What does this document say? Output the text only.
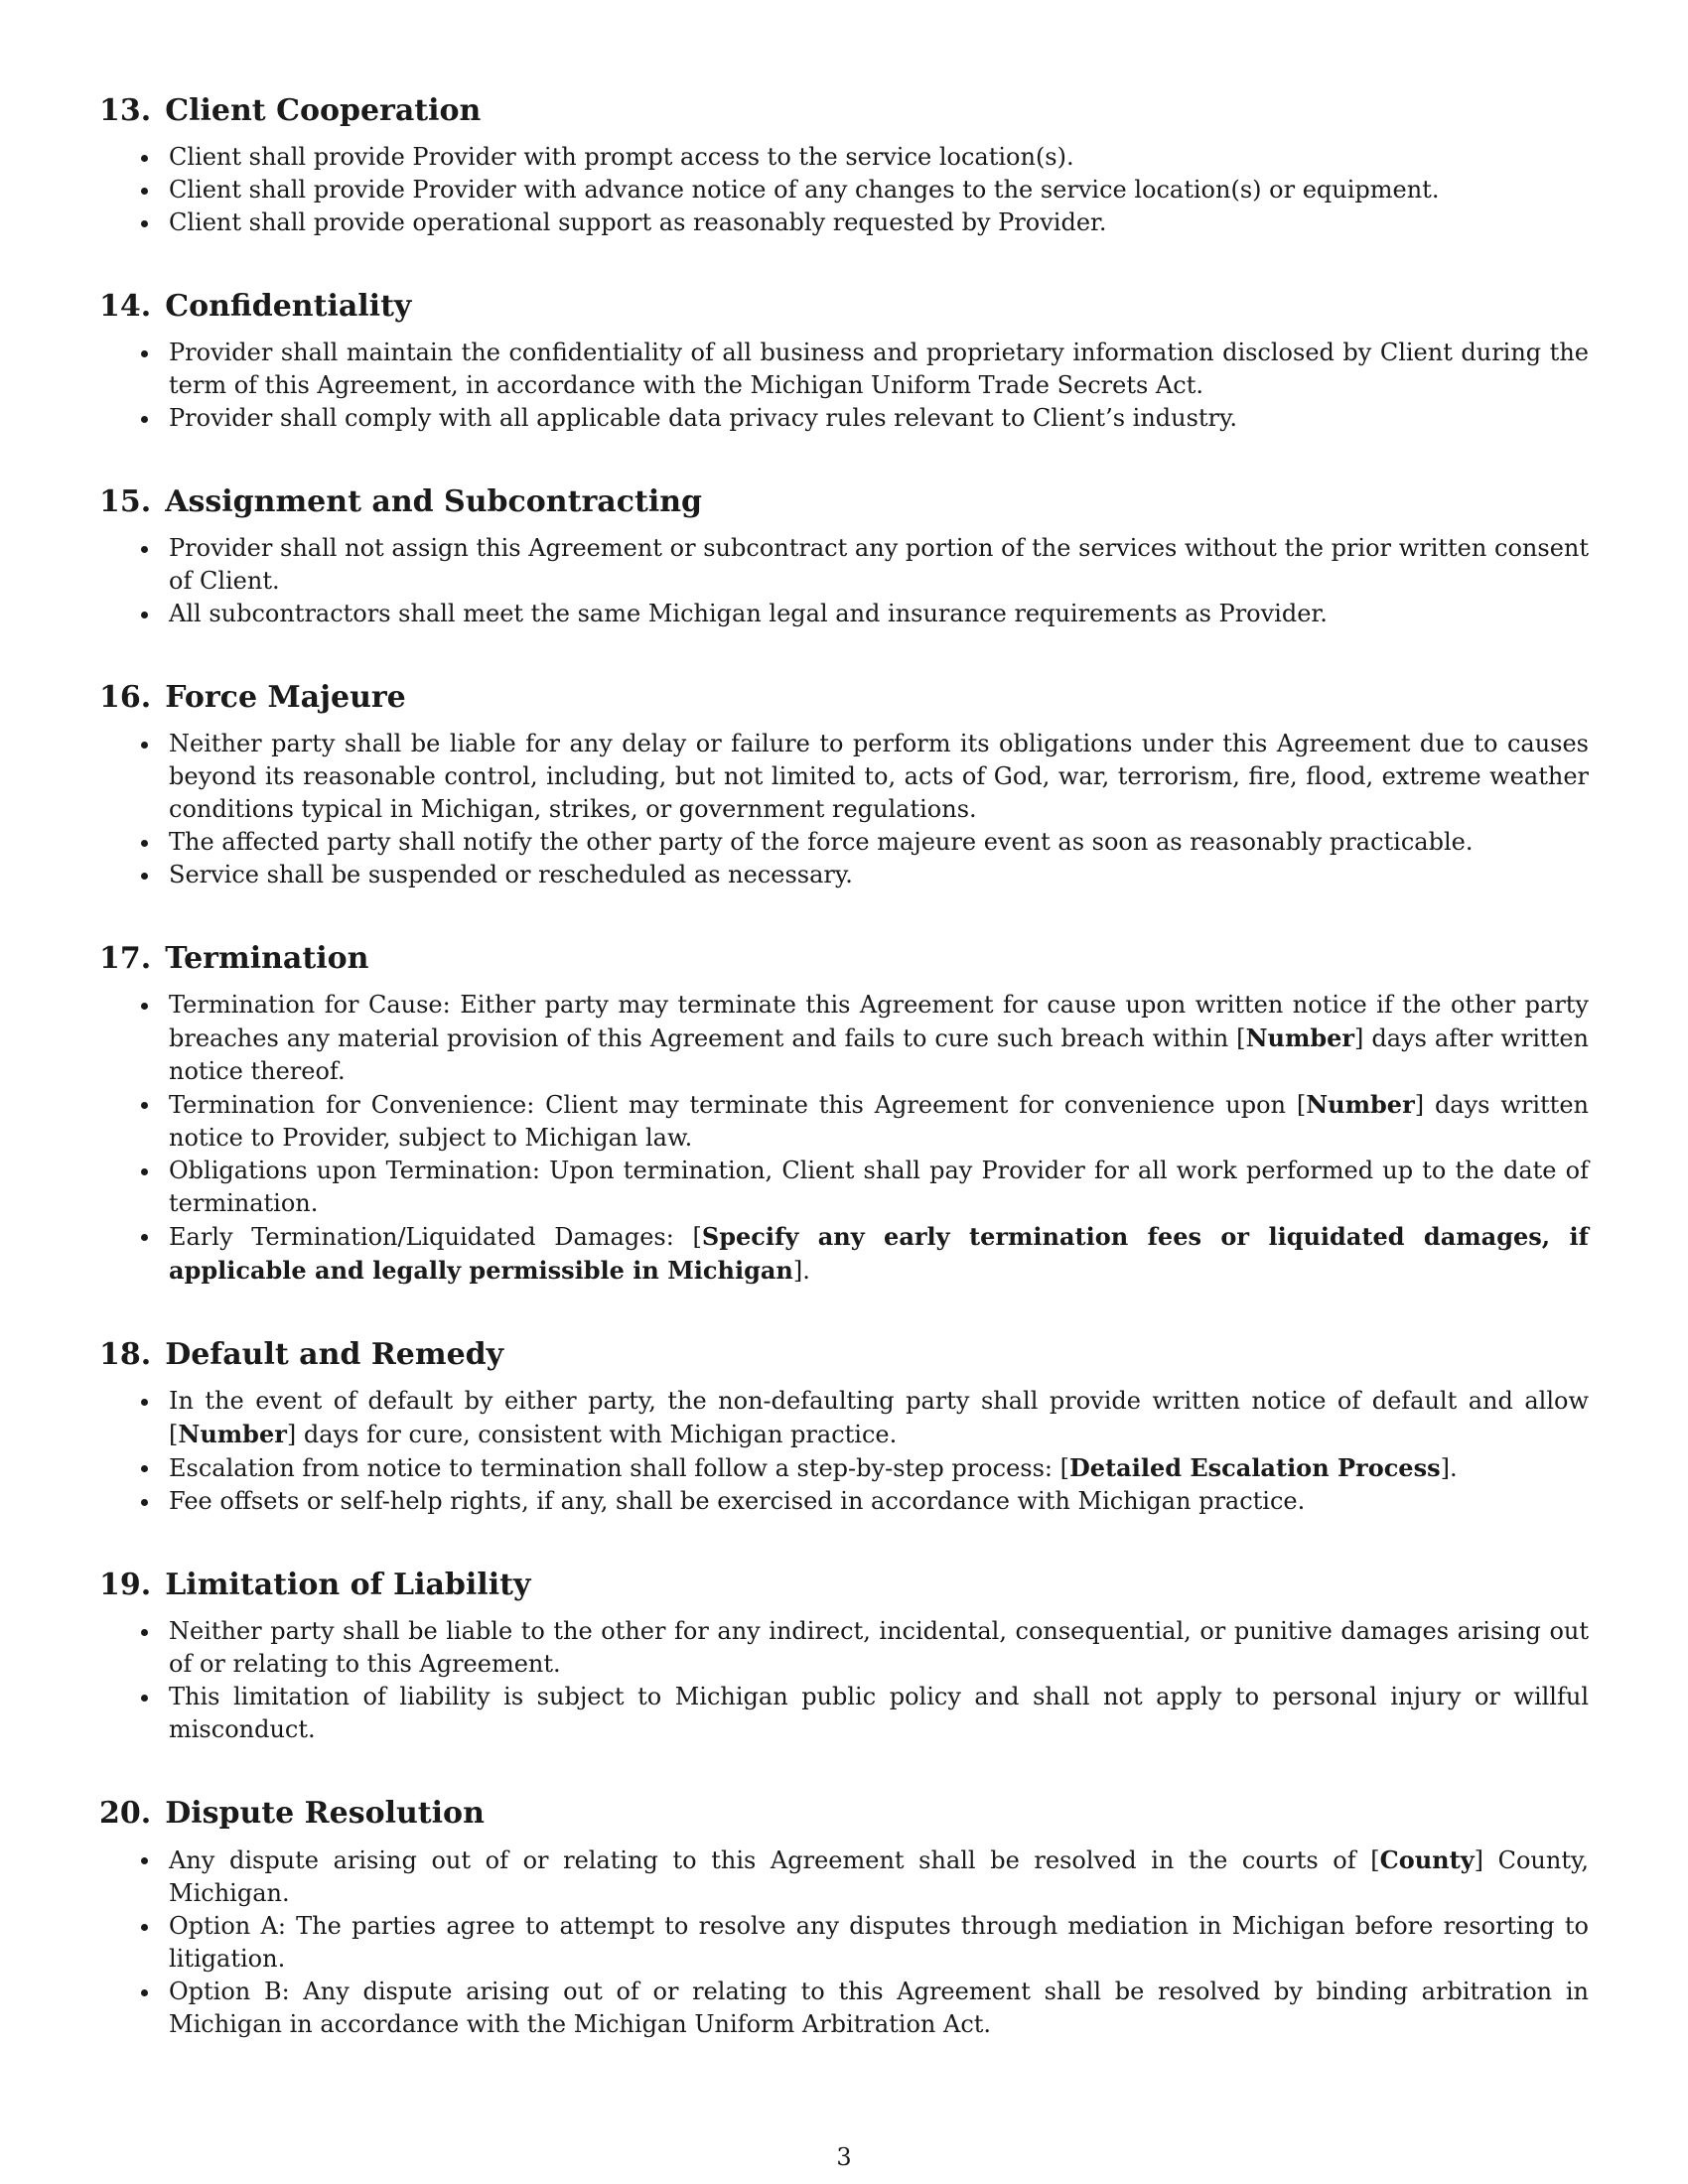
13. Client Cooperation
Client shall provide Provider with prompt access to the service location(s).
Client shall provide Provider with advance notice of any changes to the service location(s) or equipment.
Client shall provide operational support as reasonably requested by Provider.
14. Confidentiality
Provider shall maintain the confidentiality of all business and proprietary information disclosed by Client during the term of this Agreement, in accordance with the Michigan Uniform Trade Secrets Act.
Provider shall comply with all applicable data privacy rules relevant to Client’s industry.
15. Assignment and Subcontracting
Provider shall not assign this Agreement or subcontract any portion of the services without the prior written consent of Client.
All subcontractors shall meet the same Michigan legal and insurance requirements as Provider.
16. Force Majeure
Neither party shall be liable for any delay or failure to perform its obligations under this Agreement due to causes beyond its reasonable control, including, but not limited to, acts of God, war, terrorism, fire, flood, extreme weather conditions typical in Michigan, strikes, or government regulations.
The affected party shall notify the other party of the force majeure event as soon as reasonably practicable.
Service shall be suspended or rescheduled as necessary.
17. Termination
Termination for Cause: Either party may terminate this Agreement for cause upon written notice if the other party breaches any material provision of this Agreement and fails to cure such breach within [Number] days after written notice thereof.
Termination for Convenience: Client may terminate this Agreement for convenience upon [Number] days written notice to Provider, subject to Michigan law.
Obligations upon Termination: Upon termination, Client shall pay Provider for all work performed up to the date of termination.
Early Termination/Liquidated Damages: [Specify any early termination fees or liquidated damages, if applicable and legally permissible in Michigan].
18. Default and Remedy
In the event of default by either party, the non-defaulting party shall provide written notice of default and allow [Number] days for cure, consistent with Michigan practice.
Escalation from notice to termination shall follow a step-by-step process: [Detailed Escalation Process].
Fee offsets or self-help rights, if any, shall be exercised in accordance with Michigan practice.
19. Limitation of Liability
Neither party shall be liable to the other for any indirect, incidental, consequential, or punitive damages arising out of or relating to this Agreement.
This limitation of liability is subject to Michigan public policy and shall not apply to personal injury or willful misconduct.
20. Dispute Resolution
Any dispute arising out of or relating to this Agreement shall be resolved in the courts of [County] County, Michigan.
Option A: The parties agree to attempt to resolve any disputes through mediation in Michigan before resorting to litigation.
Option B: Any dispute arising out of or relating to this Agreement shall be resolved by binding arbitration in Michigan in accordance with the Michigan Uniform Arbitration Act.
3
